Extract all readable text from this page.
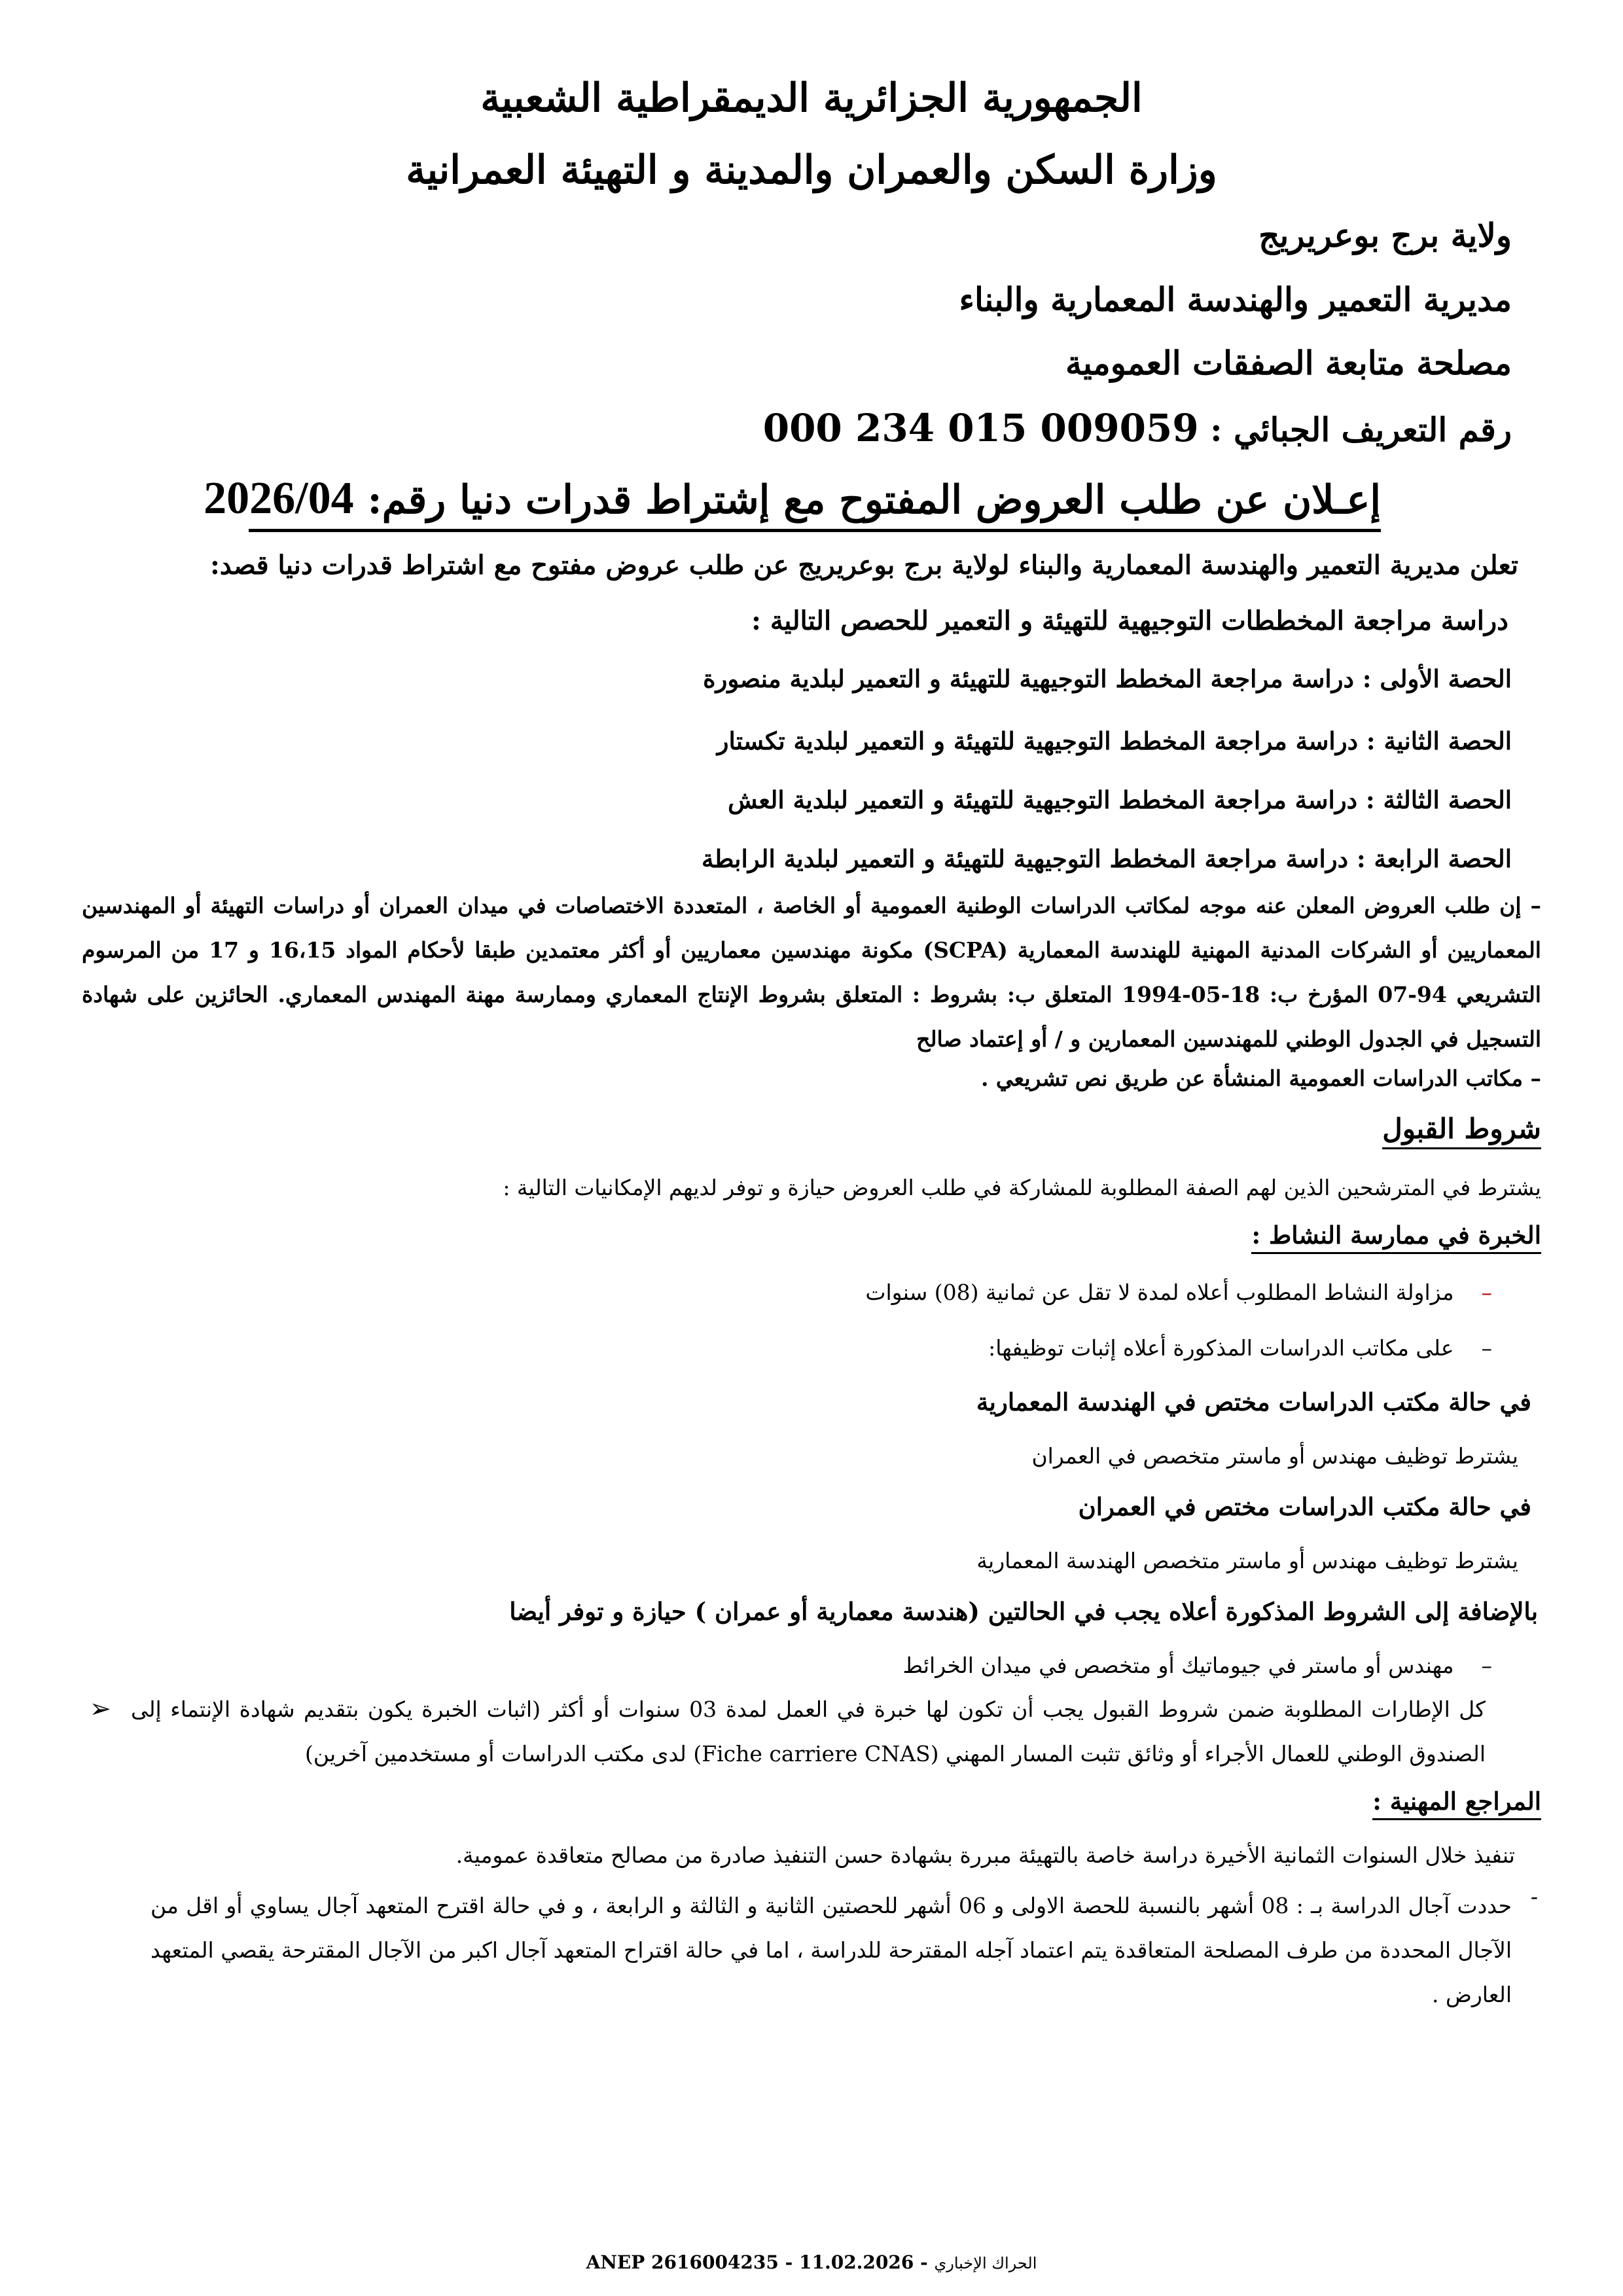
الجمهورية الجزائرية الديمقراطية الشعبية
وزارة السكن والعمران والمدينة و التهيئة العمرانية
ولاية برج بوعريريج
مديرية التعمير والهندسة المعمارية والبناء
مصلحة متابعة الصفقات العمومية
رقم التعريف الجبائي : 000 234 015 009059
إعـلان عن طلب العروض المفتوح مع إشتراط قدرات دنيا رقم: 2026/04
تعلن مديرية التعمير والهندسة المعمارية والبناء لولاية برج بوعريريج عن طلب عروض مفتوح مع اشتراط قدرات دنيا قصد:
دراسة مراجعة المخططات التوجيهية للتهيئة و التعمير للحصص التالية :
الحصة الأولى : دراسة مراجعة المخطط التوجيهية للتهيئة و التعمير لبلدية منصورة
الحصة الثانية : دراسة مراجعة المخطط التوجيهية للتهيئة و التعمير لبلدية تكستار
الحصة الثالثة : دراسة مراجعة المخطط التوجيهية للتهيئة و التعمير لبلدية العش
الحصة الرابعة : دراسة مراجعة المخطط التوجيهية للتهيئة و التعمير لبلدية الرابطة
– إن طلب العروض المعلن عنه موجه لمكاتب الدراسات الوطنية العمومية أو الخاصة ، المتعددة الاختصاصات في ميدان العمران أو دراسات التهيئة أو المهندسين المعماريين أو الشركات المدنية المهنية للهندسة المعمارية (SCPA) مكونة مهندسين معماريين أو أكثر معتمدين طبقا لأحكام المواد 16،15 و 17 من المرسوم التشريعي 94-07 المؤرخ ب: 18-05-1994 المتعلق ب: بشروط : المتعلق بشروط الإنتاج المعماري وممارسة مهنة المهندس المعماري. الحائزين على شهادة التسجيل في الجدول الوطني للمهندسين المعمارين و / أو إعتماد صالح
– مكاتب الدراسات العمومية المنشأة عن طريق نص تشريعي .
شروط القبول
يشترط في المترشحين الذين لهم الصفة المطلوبة للمشاركة في طلب العروض حيازة و توفر لديهم الإمكانيات التالية :
الخبرة في ممارسة النشاط :
–    مزاولة النشاط المطلوب أعلاه لمدة لا تقل عن ثمانية (08) سنوات
–    على مكاتب الدراسات المذكورة أعلاه إثبات توظيفها:
في حالة مكتب الدراسات مختص في الهندسة المعمارية
يشترط توظيف مهندس أو ماستر متخصص في العمران
في حالة مكتب الدراسات مختص في العمران
يشترط توظيف مهندس أو ماستر متخصص الهندسة المعمارية
بالإضافة إلى الشروط المذكورة أعلاه يجب في الحالتين (هندسة معمارية أو عمران ) حيازة و توفر أيضا
–    مهندس أو ماستر في جيوماتيك أو متخصص في ميدان الخرائط
➢ كل الإطارات المطلوبة ضمن شروط القبول يجب أن تكون لها خبرة في العمل لمدة 03 سنوات أو أكثر (اثبات الخبرة يكون بتقديم شهادة الإنتماء إلى الصندوق الوطني للعمال الأجراء أو وثائق تثبت المسار المهني (Fiche carriere CNAS) لدى مكتب الدراسات أو مستخدمين آخرين)
المراجع المهنية :
تنفيذ خلال السنوات الثمانية الأخيرة دراسة خاصة بالتهيئة مبررة بشهادة حسن التنفيذ صادرة من مصالح متعاقدة عمومية.
-
حددت آجال الدراسة بـ : 08 أشهر بالنسبة للحصة الاولى و 06 أشهر للحصتين الثانية و الثالثة و الرابعة ، و في حالة اقترح المتعهد آجال يساوي أو اقل من الآجال المحددة من طرف المصلحة المتعاقدة يتم اعتماد آجله المقترحة للدراسة ، اما في حالة اقتراح المتعهد آجال اكبر من الآجال المقترحة يقصي المتعهد العارض .
ANEP 2616004235 - 11.02.2026 - الحراك الإخباري
